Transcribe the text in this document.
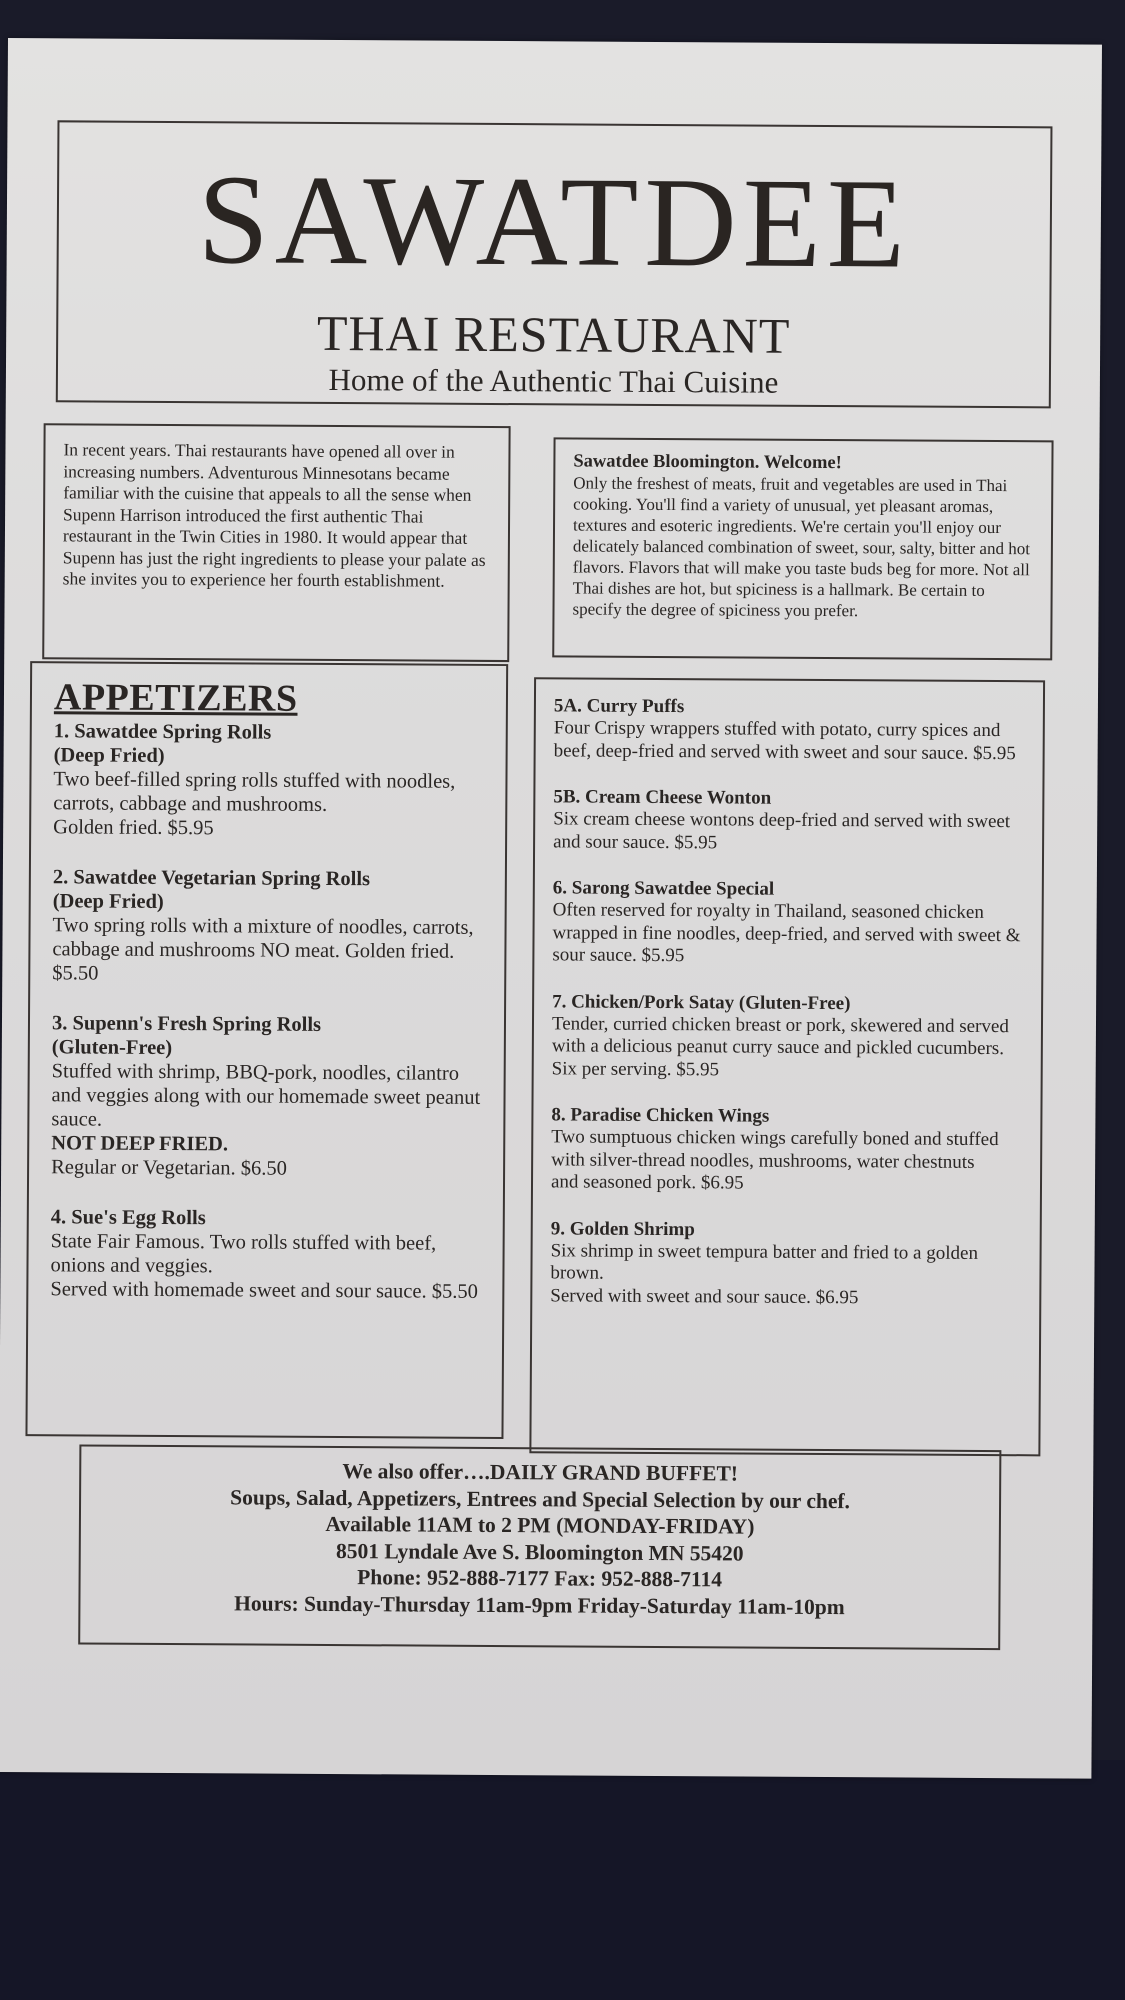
SAWATDEE
THAI RESTAURANT
Home of the Authentic Thai Cuisine
In recent years. Thai restaurants have opened all over in increasing numbers. Adventurous Minnesotans became familiar with the cuisine that appeals to all the sense when Supenn Harrison introduced the first authentic Thai restaurant in the Twin Cities in 1980. It would appear that Supenn has just the right ingredients to please your palate as she invites you to experience her fourth establishment.
Sawatdee Bloomington. Welcome!
Only the freshest of meats, fruit and vegetables are used in Thai cooking. You'll find a variety of unusual, yet pleasant aromas, textures and esoteric ingredients. We're certain you'll enjoy our delicately balanced combination of sweet, sour, salty, bitter and hot flavors. Flavors that will make you taste buds beg for more. Not all Thai dishes are hot, but spiciness is a hallmark. Be certain to specify the degree of spiciness you prefer.
APPETIZERS
1. Sawatdee Spring Rolls
(Deep Fried)
Two beef-filled spring rolls stuffed with noodles, carrots, cabbage and mushrooms.
Golden fried. $5.95
2. Sawatdee Vegetarian Spring Rolls
(Deep Fried)
Two spring rolls with a mixture of noodles, carrots, cabbage and mushrooms NO meat. Golden fried. $5.50
3. Supenn's Fresh Spring Rolls
(Gluten-Free)
Stuffed with shrimp, BBQ-pork, noodles, cilantro and veggies along with our homemade sweet peanut sauce.
NOT DEEP FRIED.
Regular or Vegetarian. $6.50
4. Sue's Egg Rolls
State Fair Famous. Two rolls stuffed with beef, onions and veggies.
Served with homemade sweet and sour sauce. $5.50
5A. Curry Puffs
Four Crispy wrappers stuffed with potato, curry spices and beef, deep-fried and served with sweet and sour sauce. $5.95
5B. Cream Cheese Wonton
Six cream cheese wontons deep-fried and served with sweet and sour sauce. $5.95
6. Sarong Sawatdee Special
Often reserved for royalty in Thailand, seasoned chicken wrapped in fine noodles, deep-fried, and served with sweet & sour sauce. $5.95
7. Chicken/Pork Satay (Gluten-Free)
Tender, curried chicken breast or pork, skewered and served with a delicious peanut curry sauce and pickled cucumbers. Six per serving. $5.95
8. Paradise Chicken Wings
Two sumptuous chicken wings carefully boned and stuffed with silver-thread noodles, mushrooms, water chestnuts
and seasoned pork. $6.95
9. Golden Shrimp
Six shrimp in sweet tempura batter and fried to a golden brown.
Served with sweet and sour sauce. $6.95
We also offer….DAILY GRAND BUFFET!
Soups, Salad, Appetizers, Entrees and Special Selection by our chef.
Available 11AM to 2 PM (MONDAY-FRIDAY)
8501 Lyndale Ave S. Bloomington MN 55420
Phone: 952-888-7177 Fax: 952-888-7114
Hours: Sunday-Thursday 11am-9pm Friday-Saturday 11am-10pm
